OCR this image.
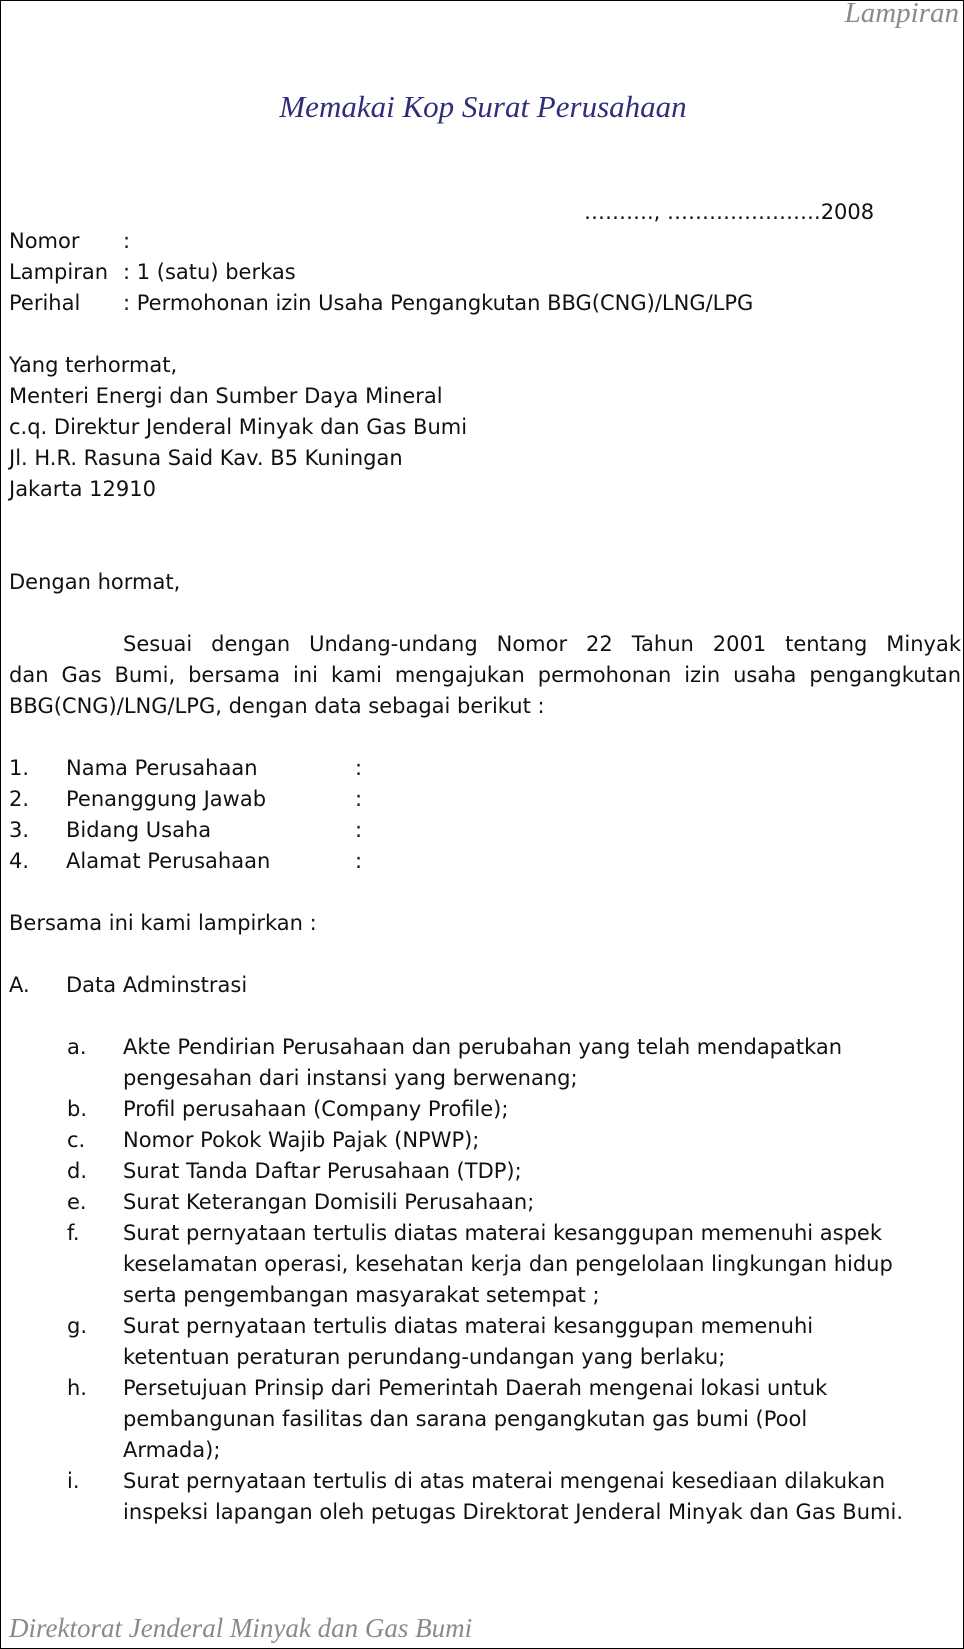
Lampiran
Memakai Kop Surat Perusahaan
………., ………………….2008
Nomor :
Lampiran : 1 (satu) berkas
Perihal : Permohonan izin Usaha Pengangkutan BBG(CNG)/LNG/LPG
Yang terhormat,
Menteri Energi dan Sumber Daya Mineral
c.q. Direktur Jenderal Minyak dan Gas Bumi
Jl. H.R. Rasuna Said Kav. B5 Kuningan
Jakarta 12910
Dengan hormat,
Sesuai dengan Undang-undang Nomor 22 Tahun 2001 tentang Minyak
dan Gas Bumi, bersama ini kami mengajukan permohonan izin usaha pengangkutan
BBG(CNG)/LNG/LPG, dengan data sebagai berikut :
1. Nama Perusahaan	:
2. Penanggung Jawab	:
3. Bidang Usaha	:
4. Alamat Perusahaan	:
Bersama ini kami lampirkan :
A. Data Adminstrasi
a. Akte Pendirian Perusahaan dan perubahan yang telah mendapatkan
pengesahan dari instansi yang berwenang;
b. Profil perusahaan (Company Profile);
c. Nomor Pokok Wajib Pajak (NPWP);
d. Surat Tanda Daftar Perusahaan (TDP);
e. Surat Keterangan Domisili Perusahaan;
f. Surat pernyataan tertulis diatas materai kesanggupan memenuhi aspek
keselamatan operasi, kesehatan kerja dan pengelolaan lingkungan hidup
serta pengembangan masyarakat setempat ;
g. Surat pernyataan tertulis diatas materai kesanggupan memenuhi
ketentuan peraturan perundang-undangan yang berlaku;
h. Persetujuan Prinsip dari Pemerintah Daerah mengenai lokasi untuk
pembangunan fasilitas dan sarana pengangkutan gas bumi (Pool
Armada);
i. Surat pernyataan tertulis di atas materai mengenai kesediaan dilakukan
inspeksi lapangan oleh petugas Direktorat Jenderal Minyak dan Gas Bumi.
Direktorat Jenderal Minyak dan Gas Bumi
